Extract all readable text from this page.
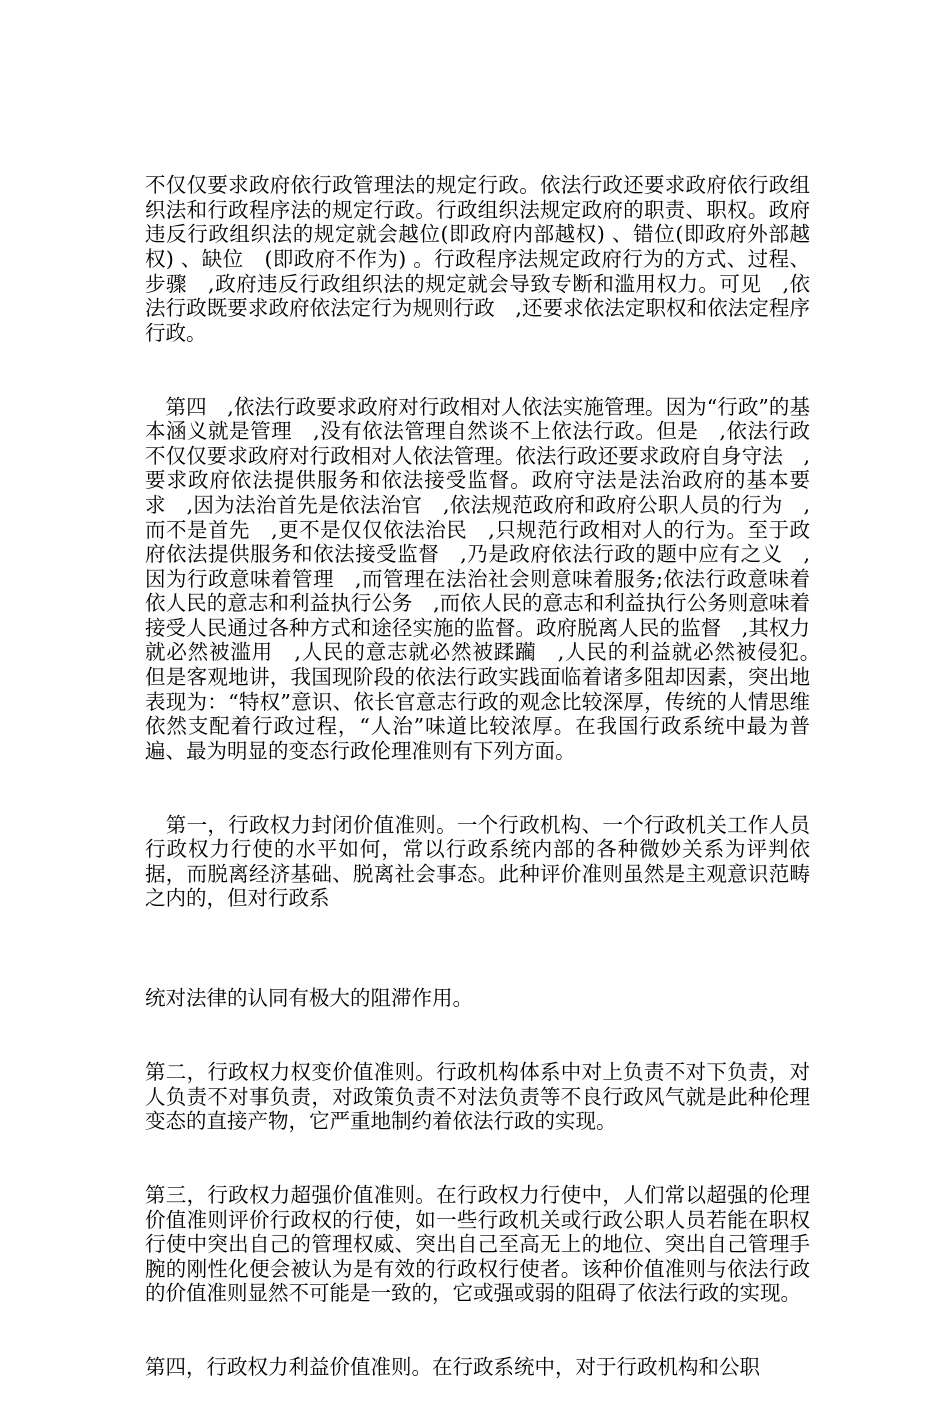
不仅仅要求政府依行政管理法的规定行政。依法行政还要求政府依行政组织法和行政程序法的规定行政。行政组织法规定政府的职责、职权。政府违反行政组织法的规定就会越位(即政府内部越权) 、错位(即政府外部越权) 、缺位　(即政府不作为) 。行政程序法规定政府行为的方式、过程、步骤　,政府违反行政组织法的规定就会导致专断和滥用权力。可见　,依法行政既要求政府依法定行为规则行政　,还要求依法定职权和依法定程序行政。

　第四　,依法行政要求政府对行政相对人依法实施管理。因为“行政”的基本涵义就是管理　,没有依法管理自然谈不上依法行政。但是　,依法行政不仅仅要求政府对行政相对人依法管理。依法行政还要求政府自身守法　,要求政府依法提供服务和依法接受监督。政府守法是法治政府的基本要求　,因为法治首先是依法治官　,依法规范政府和政府公职人员的行为　,而不是首先　,更不是仅仅依法治民　,只规范行政相对人的行为。至于政府依法提供服务和依法接受监督　,乃是政府依法行政的题中应有之义　,因为行政意味着管理　,而管理在法治社会则意味着服务;依法行政意味着依人民的意志和利益执行公务　,而依人民的意志和利益执行公务则意味着接受人民通过各种方式和途径实施的监督。政府脱离人民的监督　,其权力就必然被滥用　,人民的意志就必然被蹂躏　,人民的利益就必然被侵犯。　但是客观地讲，我国现阶段的依法行政实践面临着诸多阻却因素，突出地表现为：“特权”意识、依长官意志行政的观念比较深厚，传统的人情思维依然支配着行政过程，“人治”味道比较浓厚。在我国行政系统中最为普遍、最为明显的变态行政伦理准则有下列方面。

　第一，行政权力封闭价值准则。一个行政机构、一个行政机关工作人员行政权力行使的水平如何，常以行政系统内部的各种微妙关系为评判依据，而脱离经济基础、脱离社会事态。此种评价准则虽然是主观意识范畴之内的，但对行政系

统对法律的认同有极大的阻滞作用。

第二，行政权力权变价值准则。行政机构体系中对上负责不对下负责，对人负责不对事负责，对政策负责不对法负责等不良行政风气就是此种伦理变态的直接产物，它严重地制约着依法行政的实现。

第三，行政权力超强价值准则。在行政权力行使中，人们常以超强的伦理价值准则评价行政权的行使，如一些行政机关或行政公职人员若能在职权行使中突出自己的管理权威、突出自己至高无上的地位、突出自己管理手腕的刚性化便会被认为是有效的行政权行使者。该种价值准则与依法行政的价值准则显然不可能是一致的，它或强或弱的阻碍了依法行政的实现。

第四，行政权力利益价值准则。在行政系统中，对于行政机构和公职
